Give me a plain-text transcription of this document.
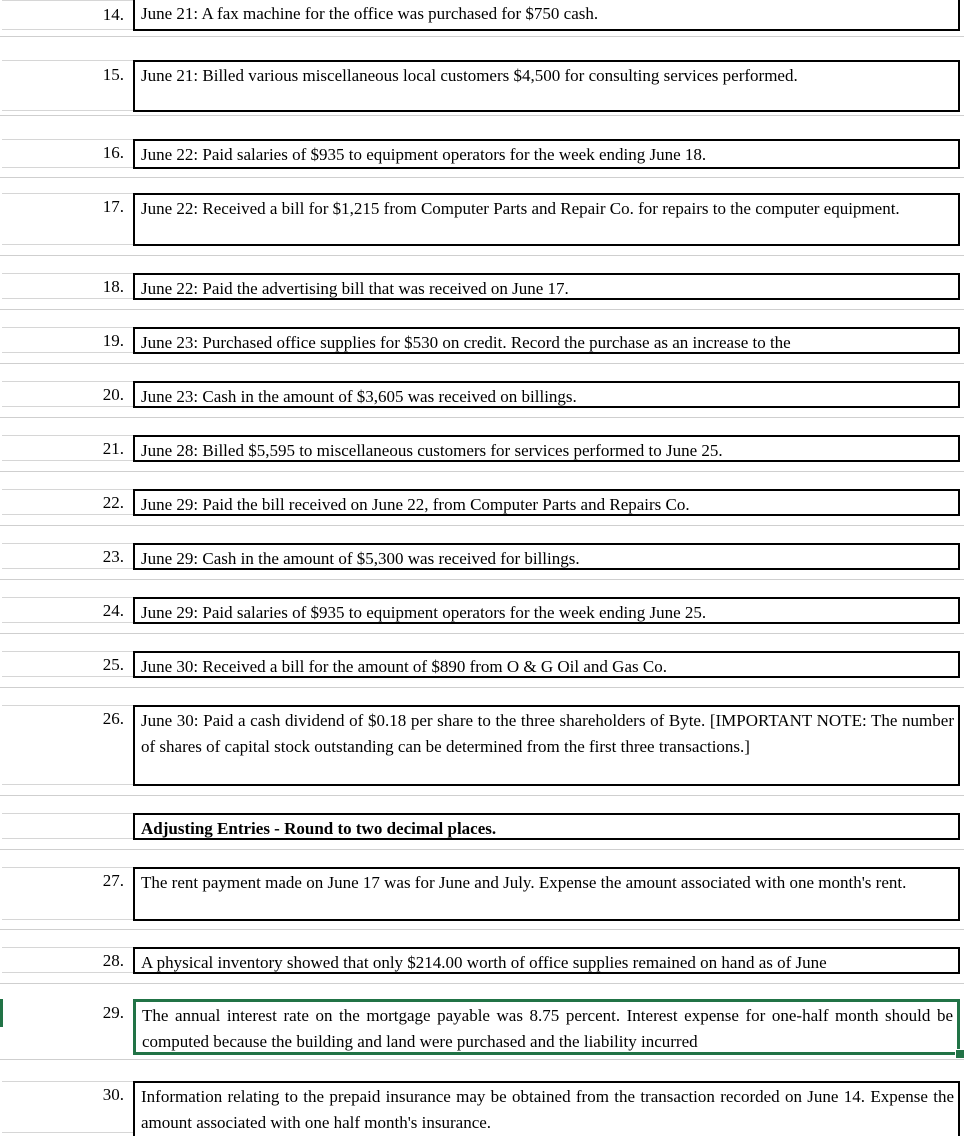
14. June 21: A fax machine for the office was purchased for $750 cash.
15. June 21: Billed various miscellaneous local customers $4,500 for consulting services performed.
16. June 22: Paid salaries of $935 to equipment operators for the week ending June 18.
17. June 22: Received a bill for $1,215 from Computer Parts and Repair Co. for repairs to the computer equipment.
18. June 22: Paid the advertising bill that was received on June 17.
19. June 23: Purchased office supplies for $530 on credit. Record the purchase as an increase to the
20. June 23: Cash in the amount of $3,605 was received on billings.
21. June 28: Billed $5,595 to miscellaneous customers for services performed to June 25.
22. June 29: Paid the bill received on June 22, from Computer Parts and Repairs Co.
23. June 29: Cash in the amount of $5,300 was received for billings.
24. June 29: Paid salaries of $935 to equipment operators for the week ending June 25.
25. June 30: Received a bill for the amount of $890 from O & G Oil and Gas Co.
26. June 30: Paid a cash dividend of $0.18 per share to the three shareholders of Byte. [IMPORTANT NOTE: The number of shares of capital stock outstanding can be determined from the first three transactions.]
Adjusting Entries - Round to two decimal places.
27. The rent payment made on June 17 was for June and July. Expense the amount associated with one month's rent.
28. A physical inventory showed that only $214.00 worth of office supplies remained on hand as of June
29. The annual interest rate on the mortgage payable was 8.75 percent. Interest expense for one-half month should be computed because the building and land were purchased and the liability incurred
30. Information relating to the prepaid insurance may be obtained from the transaction recorded on June 14. Expense the amount associated with one half month's insurance.
